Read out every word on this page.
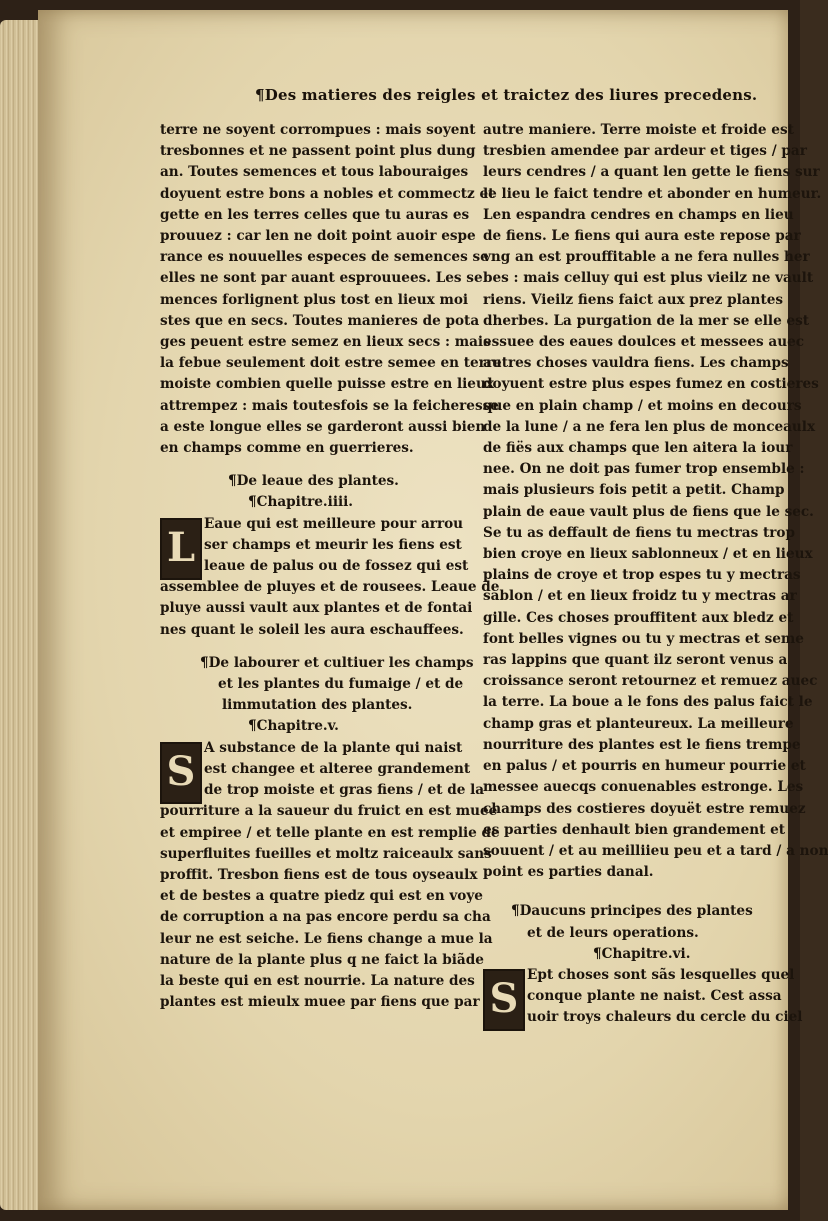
¶Des matieres des reigles et traictez des liures precedens.
terre ne soyent corrompues : mais soyent
tresbonnes et ne passent point plus dung
an. Toutes semences et tous labouraiges
doyuent estre bons a nobles et commectz et
gette en les terres celles que tu auras es
prouuez : car len ne doit point auoir espe
rance es nouuelles especes de semences se
elles ne sont par auant esprouuees. Les se
mences forlignent plus tost en lieux moi
stes que en secs. Toutes manieres de pota
ges peuent estre semez en lieux secs : mais
la febue seulement doit estre semee en terre
moiste combien quelle puisse estre en lieux
attrempez : mais toutesfois se la feicheresse
a este longue elles se garderont aussi bien
en champs comme en guerrieres.
¶De leaue des plantes.
¶Chapitre.iiii.
L Eaue qui est meilleure pour arrou
ser champs et meurir les fiens est
leaue de palus ou de fossez qui est
assemblee de pluyes et de rousees. Leaue de
pluye aussi vault aux plantes et de fontai
nes quant le soleil les aura eschauffees.
¶De labourer et cultiuer les champs
et les plantes du fumaige / et de
limmutation des plantes.
¶Chapitre.v.
S A substance de la plante qui naist
est changee et alteree grandement
de trop moiste et gras fiens / et de la
pourriture a la saueur du fruict en est muee
et empiree / et telle plante en est remplie de
superfluites fueilles et moltz raiceaulx sans
proffit. Tresbon fiens est de tous oyseaulx
et de bestes a quatre piedz qui est en voye
de corruption a na pas encore perdu sa cha
leur ne est seiche. Le fiens change a mue la
nature de la plante plus q ne faict la biãde
la beste qui en est nourrie. La nature des
plantes est mieulx muee par fiens que par
autre maniere. Terre moiste et froide est
tresbien amendee par ardeur et tiges / par
leurs cendres / a quant len gette le fiens sur
le lieu le faict tendre et abonder en humeur.
Len espandra cendres en champs en lieu
de fiens. Le fiens qui aura este repose par
vng an est prouffitable a ne fera nulles her
bes : mais celluy qui est plus vieilz ne vault
riens. Vieilz fiens faict aux prez plantes
dherbes. La purgation de la mer se elle est
essuee des eaues doulces et messees auec
autres choses vauldra fiens. Les champs
doyuent estre plus espes fumez en costieres
que en plain champ / et moins en decours
de la lune / a ne fera len plus de monceaulx
de fiës aux champs que len aitera la iour
nee. On ne doit pas fumer trop ensemble :
mais plusieurs fois petit a petit. Champ
plain de eaue vault plus de fiens que le sec.
Se tu as deffault de fiens tu mectras trop
bien croye en lieux sablonneux / et en lieux
plains de croye et trop espes tu y mectras
sablon / et en lieux froidz tu y mectras ar
gille. Ces choses prouffitent aux bledz et
font belles vignes ou tu y mectras et seme
ras lappins que quant ilz seront venus a
croissance seront retournez et remuez auec
la terre. La boue a le fons des palus faict le
champ gras et planteureux. La meilleure
nourriture des plantes est le fiens trempe
en palus / et pourris en humeur pourrie et
messee auecqs conuenables estronge. Les
champs des costieres doyuët estre remuez
es parties denhault bien grandement et
souuent / et au meilliieu peu et a tard / a non
point es parties danal.
¶Daucuns principes des plantes
et de leurs operations.
¶Chapitre.vi.
S Ept choses sont sãs lesquelles quel
conque plante ne naist. Cest assa
uoir troys chaleurs du cercle du ciel
